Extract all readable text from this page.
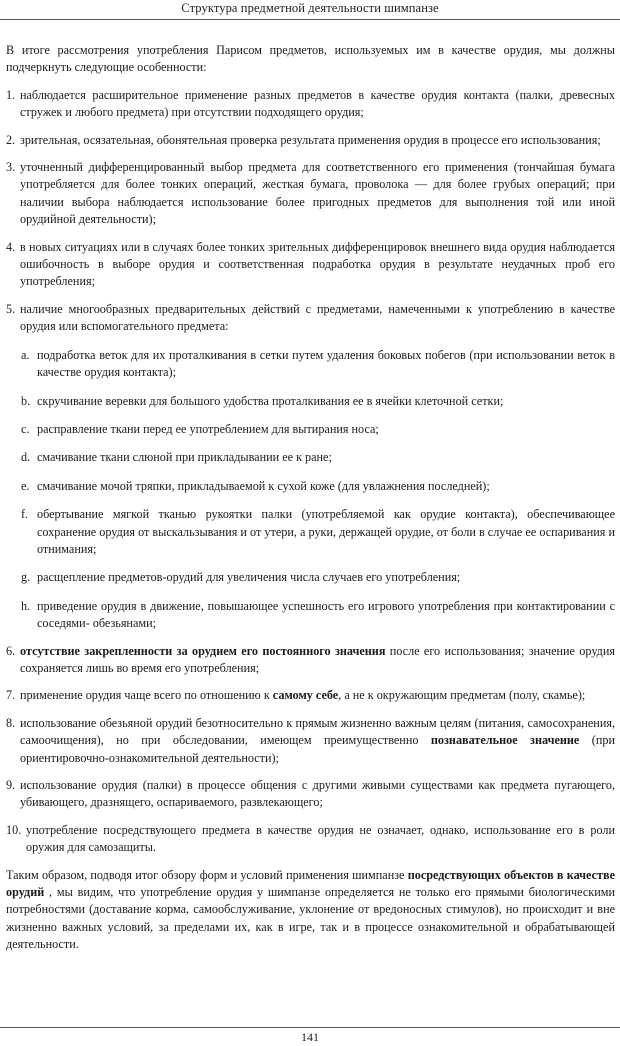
Структура предметной деятельности шимпанзе
В итоге рассмотрения употребления Парисом предметов, используемых им в качестве орудия, мы должны подчеркнуть следующие особенности:
1. наблюдается расширительное применение разных предметов в качестве орудия контакта (палки, древесных стружек и любого предмета) при отсутствии подходящего орудия;
2. зрительная, осязательная, обонятельная проверка результата применения орудия в процессе его использования;
3. уточненный дифференцированный выбор предмета для соответственного его применения (тончайшая бумага употребляется для более тонких операций, жесткая бумага, проволока — для более грубых операций; при наличии выбора наблюдается использование более пригодных предметов для выполнения той или иной орудийной деятельности);
4. в новых ситуациях или в случаях более тонких зрительных дифференцировок внешнего вида орудия наблюдается ошибочность в выборе орудия и соответственная подработка орудия в результате неудачных проб его употребления;
5. наличие многообразных предварительных действий с предметами, намеченными к употреблению в качестве орудия или вспомогательного предмета:
a. подработка веток для их проталкивания в сетки путем удаления боковых побегов (при использовании веток в качестве орудия контакта);
b. скручивание веревки для большого удобства проталкивания ее в ячейки клеточной сетки;
c. расправление ткани перед ее употреблением для вытирания носа;
d. смачивание ткани слюной при прикладывании ее к ране;
e. смачивание мочой тряпки, прикладываемой к сухой коже (для увлажнения последней);
f. обертывание мягкой тканью рукоятки палки (употребляемой как орудие контакта), обеспечивающее сохранение орудия от выскальзывания и от утери, а руки, держащей орудие, от боли в случае ее оспаривания и отнимания;
g. расщепление предметов-орудий для увеличения числа случаев его употребления;
h. приведение орудия в движение, повышающее успешность его игрового употребления при контактировании с соседями- обезьянами;
6. отсутствие закрепленности за орудием его постоянного значения после его использования; значение орудия сохраняется лишь во время его употребления;
7. применение орудия чаще всего по отношению к самому себе, а не к окружающим предметам (полу, скамье);
8. использование обезьяной орудий безотносительно к прямым жизненно важным целям (питания, самосохранения, самоочищения), но при обследовании, имеющем преимущественно познавательное значение (при ориентировочно-ознакомительной деятельности);
9. использование орудия (палки) в процессе общения с другими живыми существами как предмета пугающего, убивающего, дразнящего, оспариваемого, развлекающего;
10. употребление посредствующего предмета в качестве орудия не означает, однако, использование его в роли оружия для самозащиты.
Таким образом, подводя итог обзору форм и условий применения шимпанзе посредствующих объектов в качестве орудий , мы видим, что употребление орудия у шимпанзе определяется не только его прямыми биологическими потребностями (доставание корма, самообслуживание, уклонение от вредоносных стимулов), но происходит и вне жизненно важных условий, за пределами их, как в игре, так и в процессе ознакомительной и обрабатывающей деятельности.
141
